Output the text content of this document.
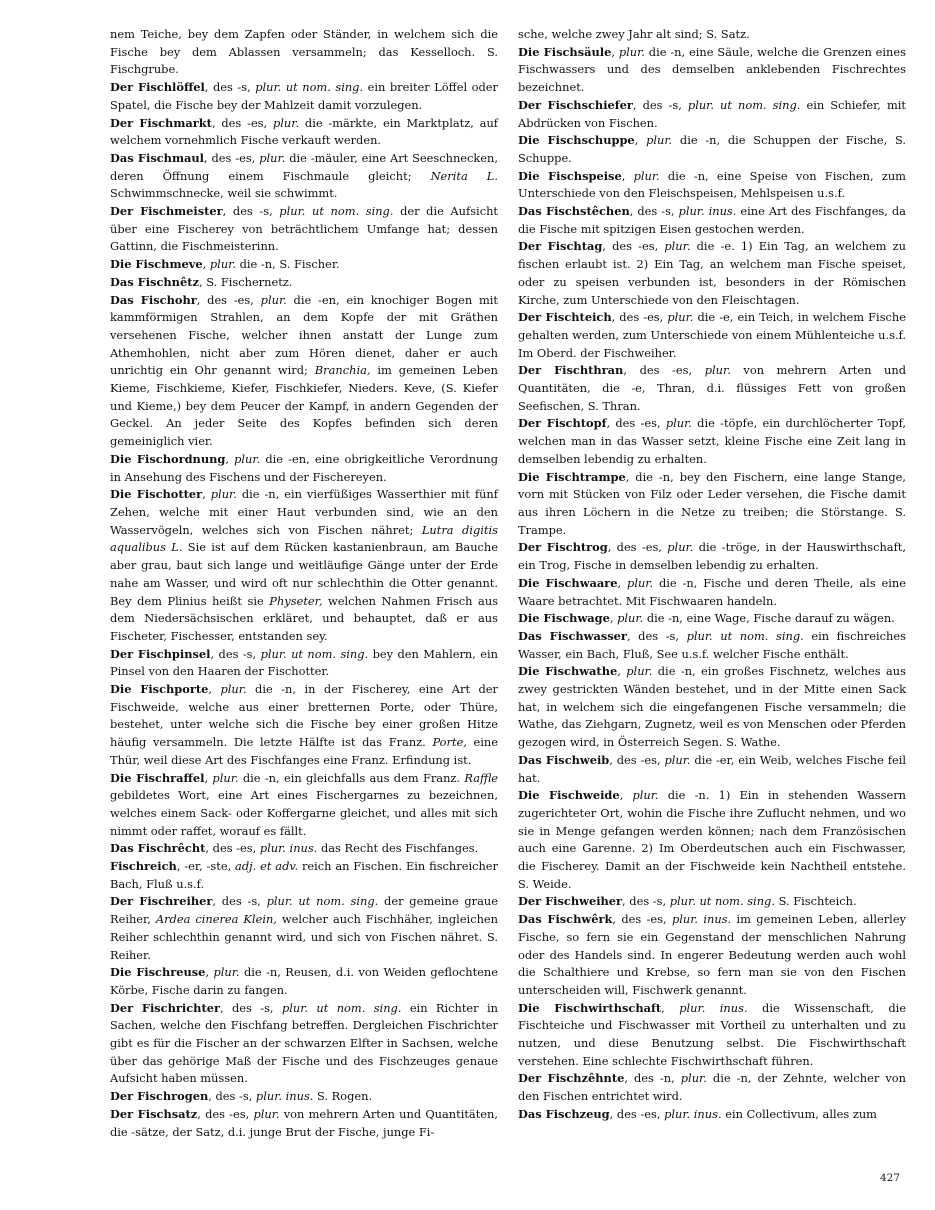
nem Teiche, bey dem Zapfen oder Ständer, in welchem sich die Fische bey dem Ablassen versammeln; das Kesselloch. S. Fischgrube.

Der Fischlöffel, des -s, plur. ut nom. sing. ein breiter Löffel oder Spatel, die Fische bey der Mahlzeit damit vorzulegen.

Der Fischmarkt, des -es, plur. die -märkte, ein Marktplatz, auf welchem vornehmlich Fische verkauft werden.

Das Fischmaul, des -es, plur. die -mäuler, eine Art Seeschnecken, deren Öffnung einem Fischmaule gleicht; Nerita L. Schwimmschnecke, weil sie schwimmt.

Der Fischmeister, des -s, plur. ut nom. sing. der die Aufsicht über eine Fischerey von beträchtlichem Umfange hat; dessen Gattinn, die Fischmeisterinn.

Die Fischmeve, plur. die -n, S. Fischer.

Das Fischnêtz, S. Fischernetz.

Das Fischohr, des -es, plur. die -en, ein knochiger Bogen mit kammförmigen Strahlen, an dem Kopfe der mit Gräthen versehenen Fische, welcher ihnen anstatt der Lunge zum Athemhohlen, nicht aber zum Hören dienet, daher er auch unrichtig ein Ohr genannt wird; Branchia, im gemeinen Leben Kieme, Fischkieme, Kiefer, Fischkiefer, Nieders. Keve, (S. Kiefer und Kieme,) bey dem Peucer der Kampf, in andern Gegenden der Geckel. An jeder Seite des Kopfes befinden sich deren gemeiniglich vier.

Die Fischordnung, plur. die -en, eine obrigkeitliche Verordnung in Ansehung des Fischens und der Fischereyen.

Die Fischotter, plur. die -n, ein vierfüßiges Wasserthier mit fünf Zehen, welche mit einer Haut verbunden sind, wie an den Wasservögeln, welches sich von Fischen nähret; Lutra digitis aqualibus L. Sie ist auf dem Rücken kastanienbraun, am Bauche aber grau, baut sich lange und weitläufige Gänge unter der Erde nahe am Wasser, und wird oft nur schlechthin die Otter genannt. Bey dem Plinius heißt sie Physeter, welchen Nahmen Frisch aus dem Niedersächsischen erkläret, und behauptet, daß er aus Fischeter, Fischesser, entstanden sey.

Der Fischpinsel, des -s, plur. ut nom. sing. bey den Mahlern, ein Pinsel von den Haaren der Fischotter.

Die Fischporte, plur. die -n, in der Fischerey, eine Art der Fischweide, welche aus einer bretternen Porte, oder Thüre, bestehet, unter welche sich die Fische bey einer großen Hitze häufig versammeln. Die letzte Hälfte ist das Franz. Porte, eine Thür, weil diese Art des Fischfanges eine Franz. Erfindung ist.

Die Fischraffel, plur. die -n, ein gleichfalls aus dem Franz. Raffle gebildetes Wort, eine Art eines Fischergarnes zu bezeichnen, welches einem Sack- oder Koffergarne gleichet, und alles mit sich nimmt oder raffet, worauf es fällt.

Das Fischrêcht, des -es, plur. inus. das Recht des Fischfanges.

Fischreich, -er, -ste, adj. et adv. reich an Fischen. Ein fischreicher Bach, Fluß u.s.f.

Der Fischreiher, des -s, plur. ut nom. sing. der gemeine graue Reiher, Ardea cinerea Klein, welcher auch Fischhäher, ingleichen Reiher schlechthin genannt wird, und sich von Fischen nähret. S. Reiher.

Die Fischreuse, plur. die -n, Reusen, d.i. von Weiden geflochtene Körbe, Fische darin zu fangen.

Der Fischrichter, des -s, plur. ut nom. sing. ein Richter in Sachen, welche den Fischfang betreffen. Dergleichen Fischrichter gibt es für die Fischer an der schwarzen Elfter in Sachsen, welche über das gehörige Maß der Fische und des Fischzeuges genaue Aufsicht haben müssen.

Der Fischrogen, des -s, plur. inus. S. Rogen.

Der Fischsatz, des -es, plur. von mehrern Arten und Quantitäten, die -sätze, der Satz, d.i. junge Brut der Fische, junge Fi-

sche, welche zwey Jahr alt sind; S. Satz.

Die Fischsäule, plur. die -n, eine Säule, welche die Grenzen eines Fischwassers und des demselben anklebenden Fischrechtes bezeichnet.

Der Fischschiefer, des -s, plur. ut nom. sing. ein Schiefer, mit Abdrücken von Fischen.

Die Fischschuppe, plur. die -n, die Schuppen der Fische, S. Schuppe.

Die Fischspeise, plur. die -n, eine Speise von Fischen, zum Unterschiede von den Fleischspeisen, Mehlspeisen u.s.f.

Das Fischstêchen, des -s, plur. inus. eine Art des Fischfanges, da die Fische mit spitzigen Eisen gestochen werden.

Der Fischtag, des -es, plur. die -e. 1) Ein Tag, an welchem zu fischen erlaubt ist. 2) Ein Tag, an welchem man Fische speiset, oder zu speisen verbunden ist, besonders in der Römischen Kirche, zum Unterschiede von den Fleischtagen.

Der Fischteich, des -es, plur. die -e, ein Teich, in welchem Fische gehalten werden, zum Unterschiede von einem Mühlenteiche u.s.f. Im Oberd. der Fischweiher.

Der Fischthran, des -es, plur. von mehrern Arten und Quantitäten, die -e, Thran, d.i. flüssiges Fett von großen Seefischen, S. Thran.

Der Fischtopf, des -es, plur. die -töpfe, ein durchlöcherter Topf, welchen man in das Wasser setzt, kleine Fische eine Zeit lang in demselben lebendig zu erhalten.

Die Fischtrampe, die -n, bey den Fischern, eine lange Stange, vorn mit Stücken von Filz oder Leder versehen, die Fische damit aus ihren Löchern in die Netze zu treiben; die Störstange. S. Trampe.

Der Fischtrog, des -es, plur. die -tröge, in der Hauswirthschaft, ein Trog, Fische in demselben lebendig zu erhalten.

Die Fischwaare, plur. die -n, Fische und deren Theile, als eine Waare betrachtet. Mit Fischwaaren handeln.

Die Fischwage, plur. die -n, eine Wage, Fische darauf zu wägen.

Das Fischwasser, des -s, plur. ut nom. sing. ein fischreiches Wasser, ein Bach, Fluß, See u.s.f. welcher Fische enthält.

Die Fischwathe, plur. die -n, ein großes Fischnetz, welches aus zwey gestrickten Wänden bestehet, und in der Mitte einen Sack hat, in welchem sich die eingefangenen Fische versammeln; die Wathe, das Ziehgarn, Zugnetz, weil es von Menschen oder Pferden gezogen wird, in Österreich Segen. S. Wathe.

Das Fischweib, des -es, plur. die -er, ein Weib, welches Fische feil hat.

Die Fischweide, plur. die -n. 1) Ein in stehenden Wassern zugerichteter Ort, wohin die Fische ihre Zuflucht nehmen, und wo sie in Menge gefangen werden können; nach dem Französischen auch eine Garenne. 2) Im Oberdeutschen auch ein Fischwasser, die Fischerey. Damit an der Fischweide kein Nachtheil entstehe. S. Weide.

Der Fischweiher, des -s, plur. ut nom. sing. S. Fischteich.

Das Fischwêrk, des -es, plur. inus. im gemeinen Leben, allerley Fische, so fern sie ein Gegenstand der menschlichen Nahrung oder des Handels sind. In engerer Bedeutung werden auch wohl die Schalthiere und Krebse, so fern man sie von den Fischen unterscheiden will, Fischwerk genannt.

Die Fischwirthschaft, plur. inus. die Wissenschaft, die Fischteiche und Fischwasser mit Vortheil zu unterhalten und zu nutzen, und diese Benutzung selbst. Die Fischwirthschaft verstehen. Eine schlechte Fischwirthschaft führen.

Der Fischzêhnte, des -n, plur. die -n, der Zehnte, welcher von den Fischen entrichtet wird.

Das Fischzeug, des -es, plur. inus. ein Collectivum, alles zum

427
